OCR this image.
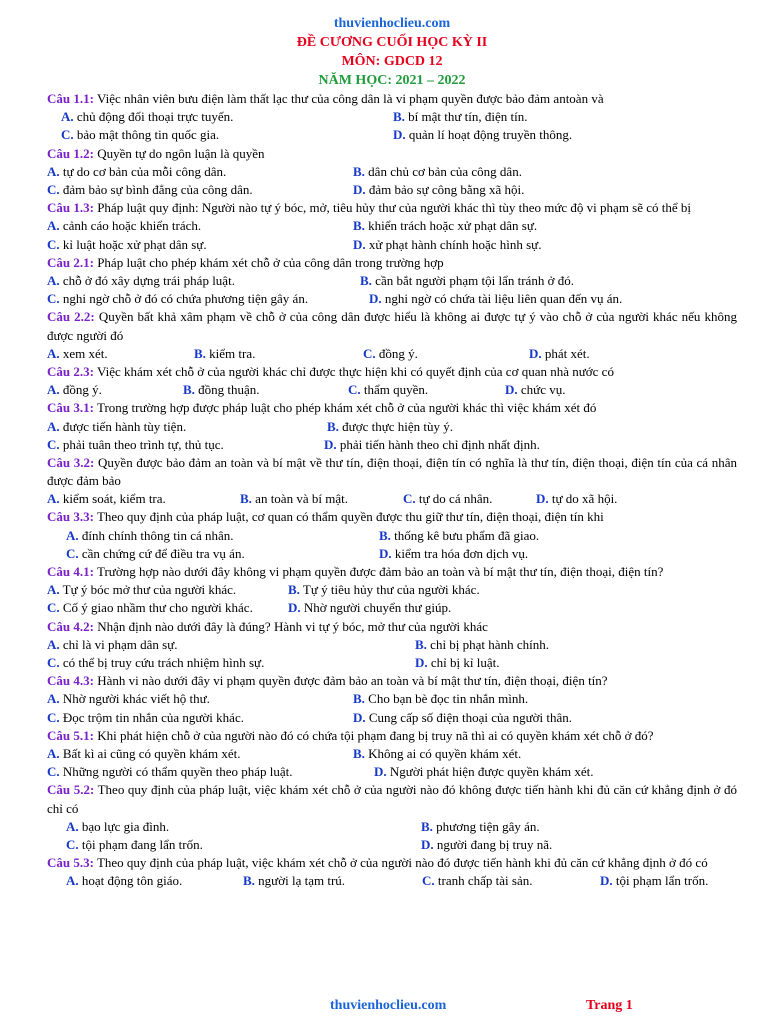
thuvienhoclieu.com
ĐỀ CƯƠNG CUỐI HỌC KỲ II
MÔN: GDCD 12
NĂM HỌC: 2021 – 2022
Câu 1.1: Việc nhân viên bưu điện làm thất lạc thư của công dân là vi phạm quyền được bảo đảm antoàn và
A. chủ động đối thoại trực tuyến.	B. bí mật thư tín, điện tín.
C. bảo mật thông tin quốc gia.	D. quản lí hoạt động truyền thông.
Câu 1.2: Quyền tự do ngôn luận là quyền
A. tự do cơ bản của mỗi công dân.	B. dân chủ cơ bản của công dân.
C. đảm bảo sự bình đẳng của công dân.	D. đảm bảo sự công bằng xã hội.
Câu 1.3: Pháp luật quy định: Người nào tự ý bóc, mở, tiêu hủy thư của người khác thì tùy theo mức độ vi phạm sẽ có thể bị
A. cảnh cáo hoặc khiển trách.	B. khiển trách hoặc xử phạt dân sự.
C. kỉ luật hoặc xử phạt dân sự.	D. xử phạt hành chính hoặc hình sự.
Câu 2.1: Pháp luật cho phép khám xét chỗ ở của công dân trong trường hợp
A. chỗ ở đó xây dựng trái pháp luật.	B. cần bắt người phạm tội lẩn tránh ở đó.
C. nghi ngờ chỗ ở đó có chứa phương tiện gây án.	D. nghi ngờ có chứa tài liệu liên quan đến vụ án.
Câu 2.2: Quyền bất khả xâm phạm về chỗ ở của công dân được hiểu là không ai được tự ý vào chỗ ở của người khác nếu không được người đó
A. xem xét.	B. kiểm tra.	C. đồng ý.	D. phát xét.
Câu 2.3: Việc khám xét chỗ ở của người khác chỉ được thực hiện khi có quyết định của cơ quan nhà nước có
A. đồng ý.	B. đồng thuận.	C. thẩm quyền.	D. chức vụ.
Câu 3.1: Trong trường hợp được pháp luật cho phép khám xét chỗ ở của người khác thì việc khám xét đó
A. được tiến hành tùy tiện.	B. được thực hiện tùy ý.
C. phải tuân theo trình tự, thủ tục.	D. phải tiến hành theo chỉ định nhất định.
Câu 3.2: Quyền được bảo đảm an toàn và bí mật về thư tín, điện thoại, điện tín có nghĩa là thư tín, điện thoại, điện tín của cá nhân được đảm bảo
A. kiểm soát, kiểm tra.	B. an toàn và bí mật.	C. tự do cá nhân.	D. tự do xã hội.
Câu 3.3: Theo quy định của pháp luật, cơ quan có thẩm quyền được thu giữ thư tín, điện thoại, điện tín khi
A. đính chính thông tin cá nhân.	B. thống kê bưu phẩm đã giao.
C. cần chứng cứ để điều tra vụ án.	D. kiểm tra hóa đơn dịch vụ.
Câu 4.1: Trường hợp nào dưới đây không vi phạm quyền được đảm bảo an toàn và bí mật thư tín, điện thoại, điện tín?
A. Tự ý bóc mở thư của người khác.	B. Tự ý tiêu hủy thư của người khác.
C. Cố ý giao nhầm thư cho người khác.	D. Nhờ người chuyển thư giúp.
Câu 4.2: Nhận định nào dưới đây là đúng? Hành vi tự ý bóc, mở thư của người khác
A. chỉ là vi phạm dân sự.	B. chỉ bị phạt hành chính.
C. có thể bị truy cứu trách nhiệm hình sự.	D. chỉ bị kỉ luật.
Câu 4.3: Hành vi nào dưới đây vi phạm quyền được đảm bảo an toàn và bí mật thư tín, điện thoại, điện tín?
A. Nhờ người khác viết hộ thư.	B. Cho bạn bè đọc tin nhắn mình.
C. Đọc trộm tin nhắn của người khác.	D. Cung cấp số điện thoại của người thân.
Câu 5.1: Khi phát hiện chỗ ở của người nào đó có chứa tội phạm đang bị truy nã thì ai có quyền khám xét chỗ ở đó?
A. Bất kì ai cũng có quyền khám xét.	B. Không ai có quyền khám xét.
C. Những người có thẩm quyền theo pháp luật.	D. Người phát hiện được quyền khám xét.
Câu 5.2: Theo quy định của pháp luật, việc khám xét chỗ ở của người nào đó không được tiến hành khi đủ căn cứ khẳng định ở đó chỉ có
A. bạo lực gia đình.	B. phương tiện gây án.
C. tội phạm đang lẩn trốn.	D. người đang bị truy nã.
Câu 5.3: Theo quy định của pháp luật, việc khám xét chỗ ở của người nào đó được tiến hành khi đủ căn cứ khẳng định ở đó có
A. hoạt động tôn giáo.	B. người lạ tạm trú.	C. tranh chấp tài sản.	D. tội phạm lẩn trốn.
thuvienhoclieu.com	Trang 1
